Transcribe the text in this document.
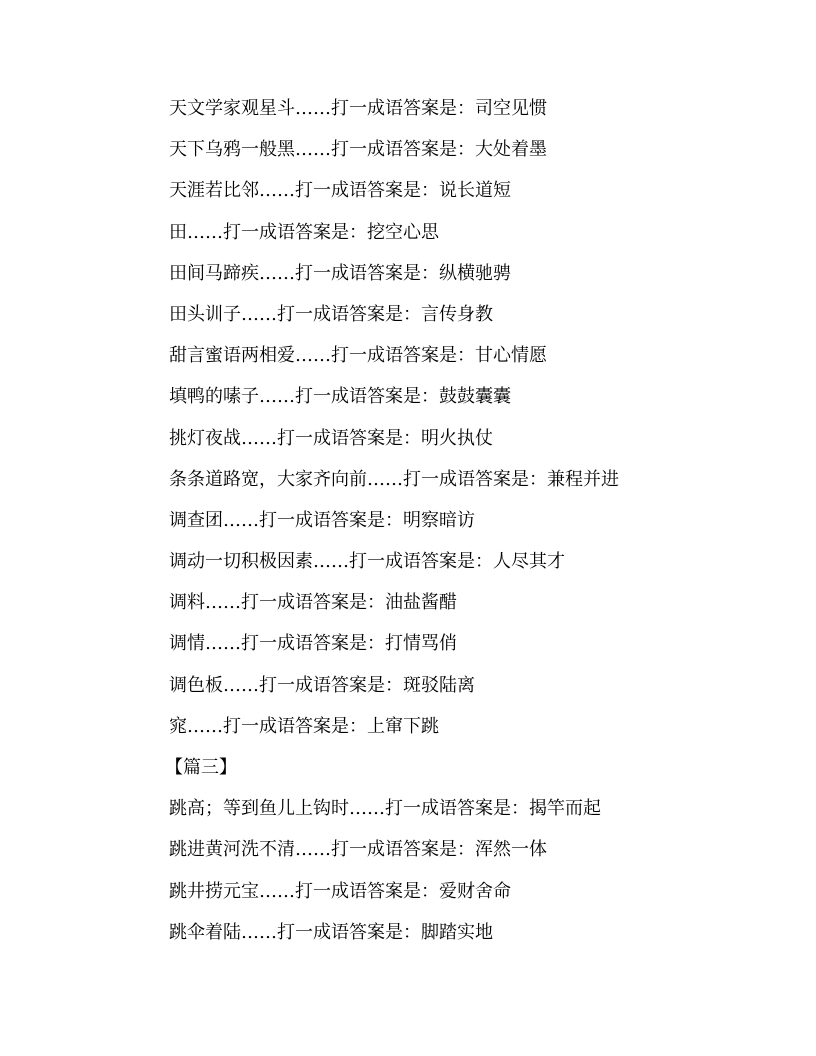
天文学家观星斗……打一成语答案是：司空见惯
天下乌鸦一般黑……打一成语答案是：大处着墨
天涯若比邻……打一成语答案是：说长道短
田……打一成语答案是：挖空心思
田间马蹄疾……打一成语答案是：纵横驰骋
田头训子……打一成语答案是：言传身教
甜言蜜语两相爱……打一成语答案是：甘心情愿
填鸭的嗉子……打一成语答案是：鼓鼓囊囊
挑灯夜战……打一成语答案是：明火执仗
条条道路宽，大家齐向前……打一成语答案是：兼程并进
调查团……打一成语答案是：明察暗访
调动一切积极因素……打一成语答案是：人尽其才
调料……打一成语答案是：油盐酱醋
调情……打一成语答案是：打情骂俏
调色板……打一成语答案是：斑驳陆离
窕……打一成语答案是：上窜下跳
【篇三】
跳高；等到鱼儿上钩时……打一成语答案是：揭竿而起
跳进黄河洗不清……打一成语答案是：浑然一体
跳井捞元宝……打一成语答案是：爱财舍命
跳伞着陆……打一成语答案是：脚踏实地
